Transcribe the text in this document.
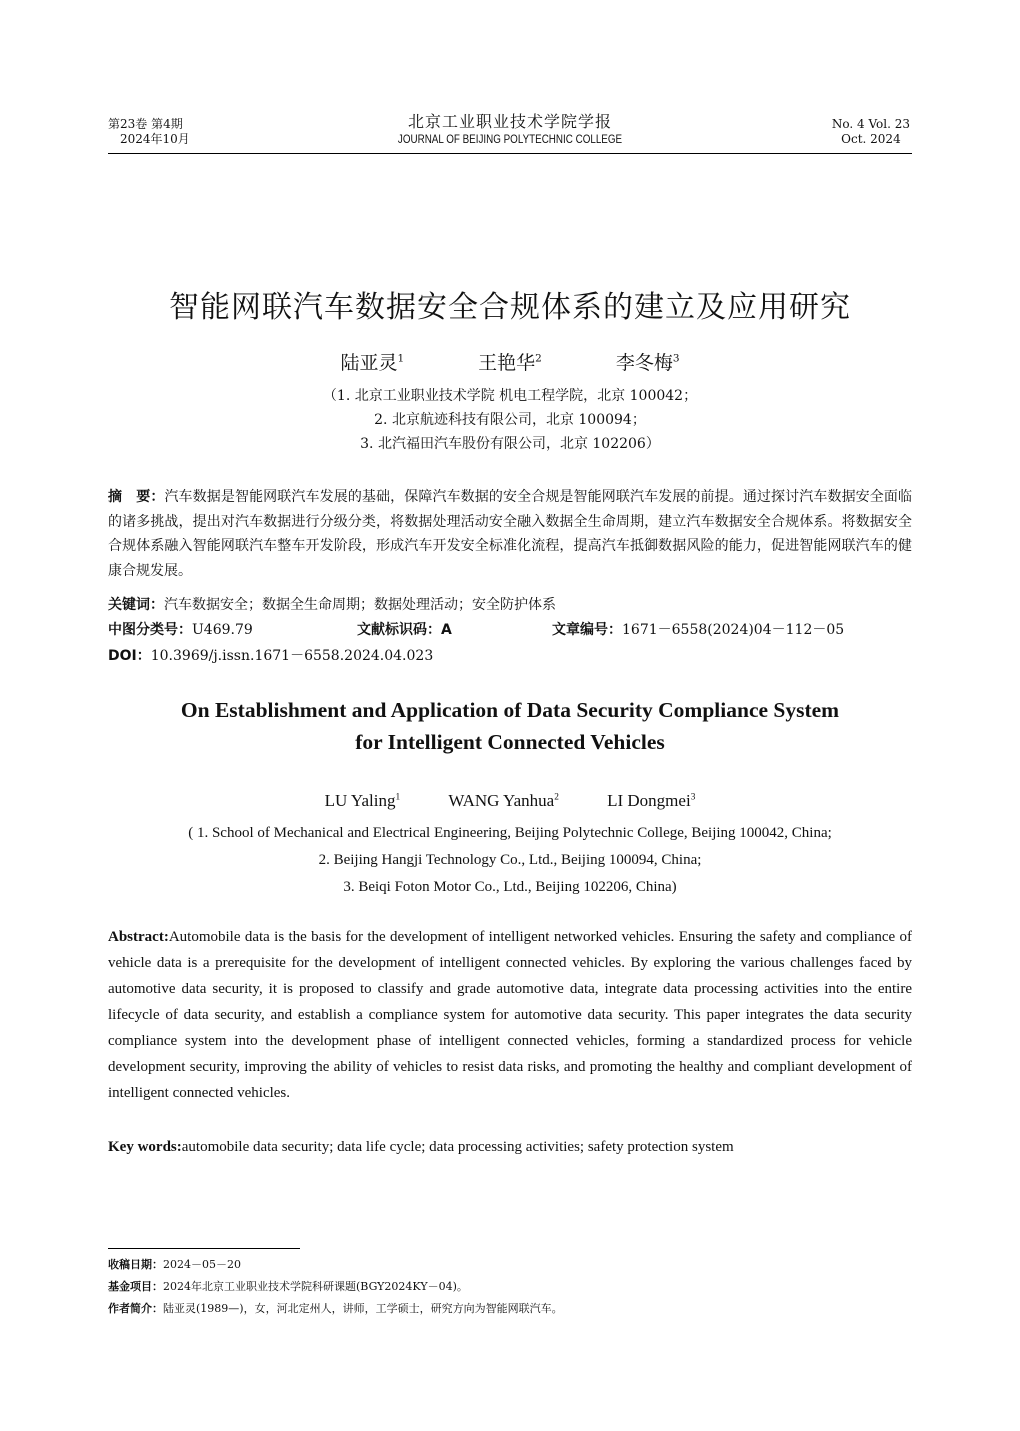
第23卷 第4期
2024年10月
北京工业职业技术学院学报
JOURNAL OF BEIJING POLYTECHNIC COLLEGE
No. 4 Vol. 23
Oct. 2024
智能网联汽车数据安全合规体系的建立及应用研究
陆亚灵$^1$	王艳华$^2$	李冬梅$^3$
（1. 北京工业职业技术学院 机电工程学院，北京 100042；
2. 北京航迹科技有限公司，北京 100094；
3. 北汽福田汽车股份有限公司，北京 102206）
摘　要：汽车数据是智能网联汽车发展的基础，保障汽车数据的安全合规是智能网联汽车发展的前提。通过探讨汽车数据安全面临的诸多挑战，提出对汽车数据进行分级分类，将数据处理活动安全融入数据全生命周期，建立汽车数据安全合规体系。将数据安全合规体系融入智能网联汽车整车开发阶段，形成汽车开发安全标准化流程，提高汽车抵御数据风险的能力，促进智能网联汽车的健康合规发展。
关键词：汽车数据安全；数据全生命周期；数据处理活动；安全防护体系
中图分类号：U469.79	文献标识码：A	文章编号：1671－6558(2024)04－112－05
DOI：10.3969/j.issn.1671－6558.2024.04.023
On Establishment and Application of Data Security Compliance System
for Intelligent Connected Vehicles
LU Yaling$^1$	WANG Yanhua$^2$	LI Dongmei$^3$
( 1. School of Mechanical and Electrical Engineering, Beijing Polytechnic College, Beijing 100042, China;
2. Beijing Hangji Technology Co., Ltd., Beijing 100094, China;
3. Beiqi Foton Motor Co., Ltd., Beijing 102206, China)
Abstract:Automobile data is the basis for the development of intelligent networked vehicles. Ensuring the safety and compliance of vehicle data is a prerequisite for the development of intelligent connected vehicles. By exploring the various challenges faced by automotive data security, it is proposed to classify and grade automotive data, integrate data processing activities into the entire lifecycle of data security, and establish a compliance system for automotive data security. This paper integrates the data security compliance system into the development phase of intelligent connected vehicles, forming a standardized process for vehicle development security, improving the ability of vehicles to resist data risks, and promoting the healthy and compliant development of intelligent connected vehicles.
Key words:automobile data security; data life cycle; data processing activities; safety protection system
收稿日期：2024－05－20
基金项目：2024年北京工业职业技术学院科研课题(BGY2024KY－04)。
作者简介：陆亚灵(1989—)，女，河北定州人，讲师，工学硕士，研究方向为智能网联汽车。
